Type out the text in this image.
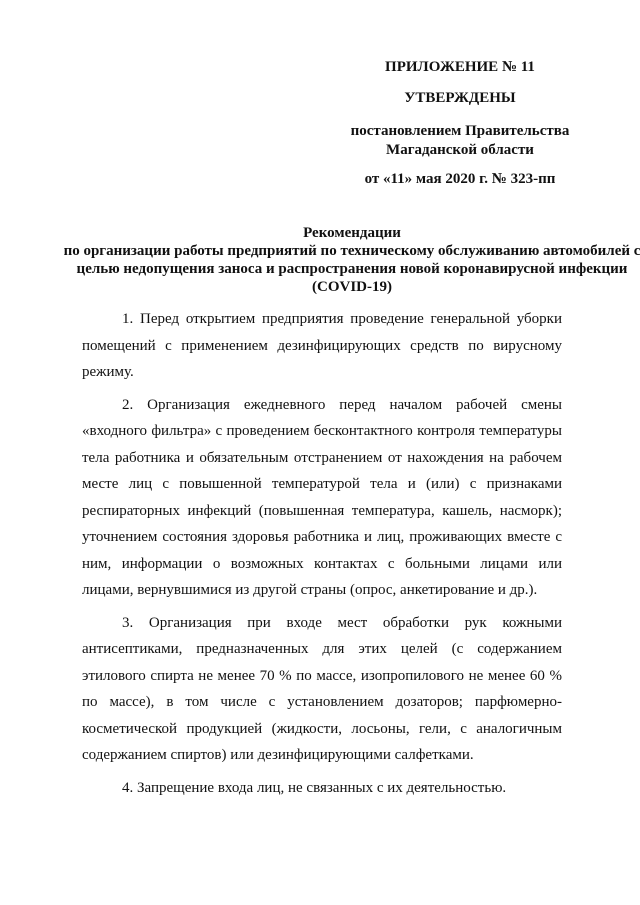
ПРИЛОЖЕНИЕ № 11
УТВЕРЖДЕНЫ
постановлением Правительства Магаданской области
от «11» мая 2020 г. № 323-пп
Рекомендации
по организации работы предприятий по техническому обслуживанию автомобилей с целью недопущения заноса и распространения новой коронавирусной инфекции (COVID-19)

1. Перед открытием предприятия проведение генеральной уборки помещений с применением дезинфицирующих средств по вирусному режиму.

2. Организация ежедневного перед началом рабочей смены «входного фильтра» с проведением бесконтактного контроля температуры тела работника и обязательным отстранением от нахождения на рабочем месте лиц с повышенной температурой тела и (или) с признаками респираторных инфекций (повышенная температура, кашель, насморк); уточнением состояния здоровья работника и лиц, проживающих вместе с ним, информации о возможных контактах с больными лицами или лицами, вернувшимися из другой страны (опрос, анкетирование и др.).

3. Организация при входе мест обработки рук кожными антисептиками, предназначенных для этих целей (с содержанием этилового спирта не менее 70 % по массе, изопропилового не менее 60 % по массе), в том числе с установлением дозаторов; парфюмерно-косметической продукцией (жидкости, лосьоны, гели, с аналогичным содержанием спиртов) или дезинфицирующими салфетками.

4. Запрещение входа лиц, не связанных с их деятельностью.
